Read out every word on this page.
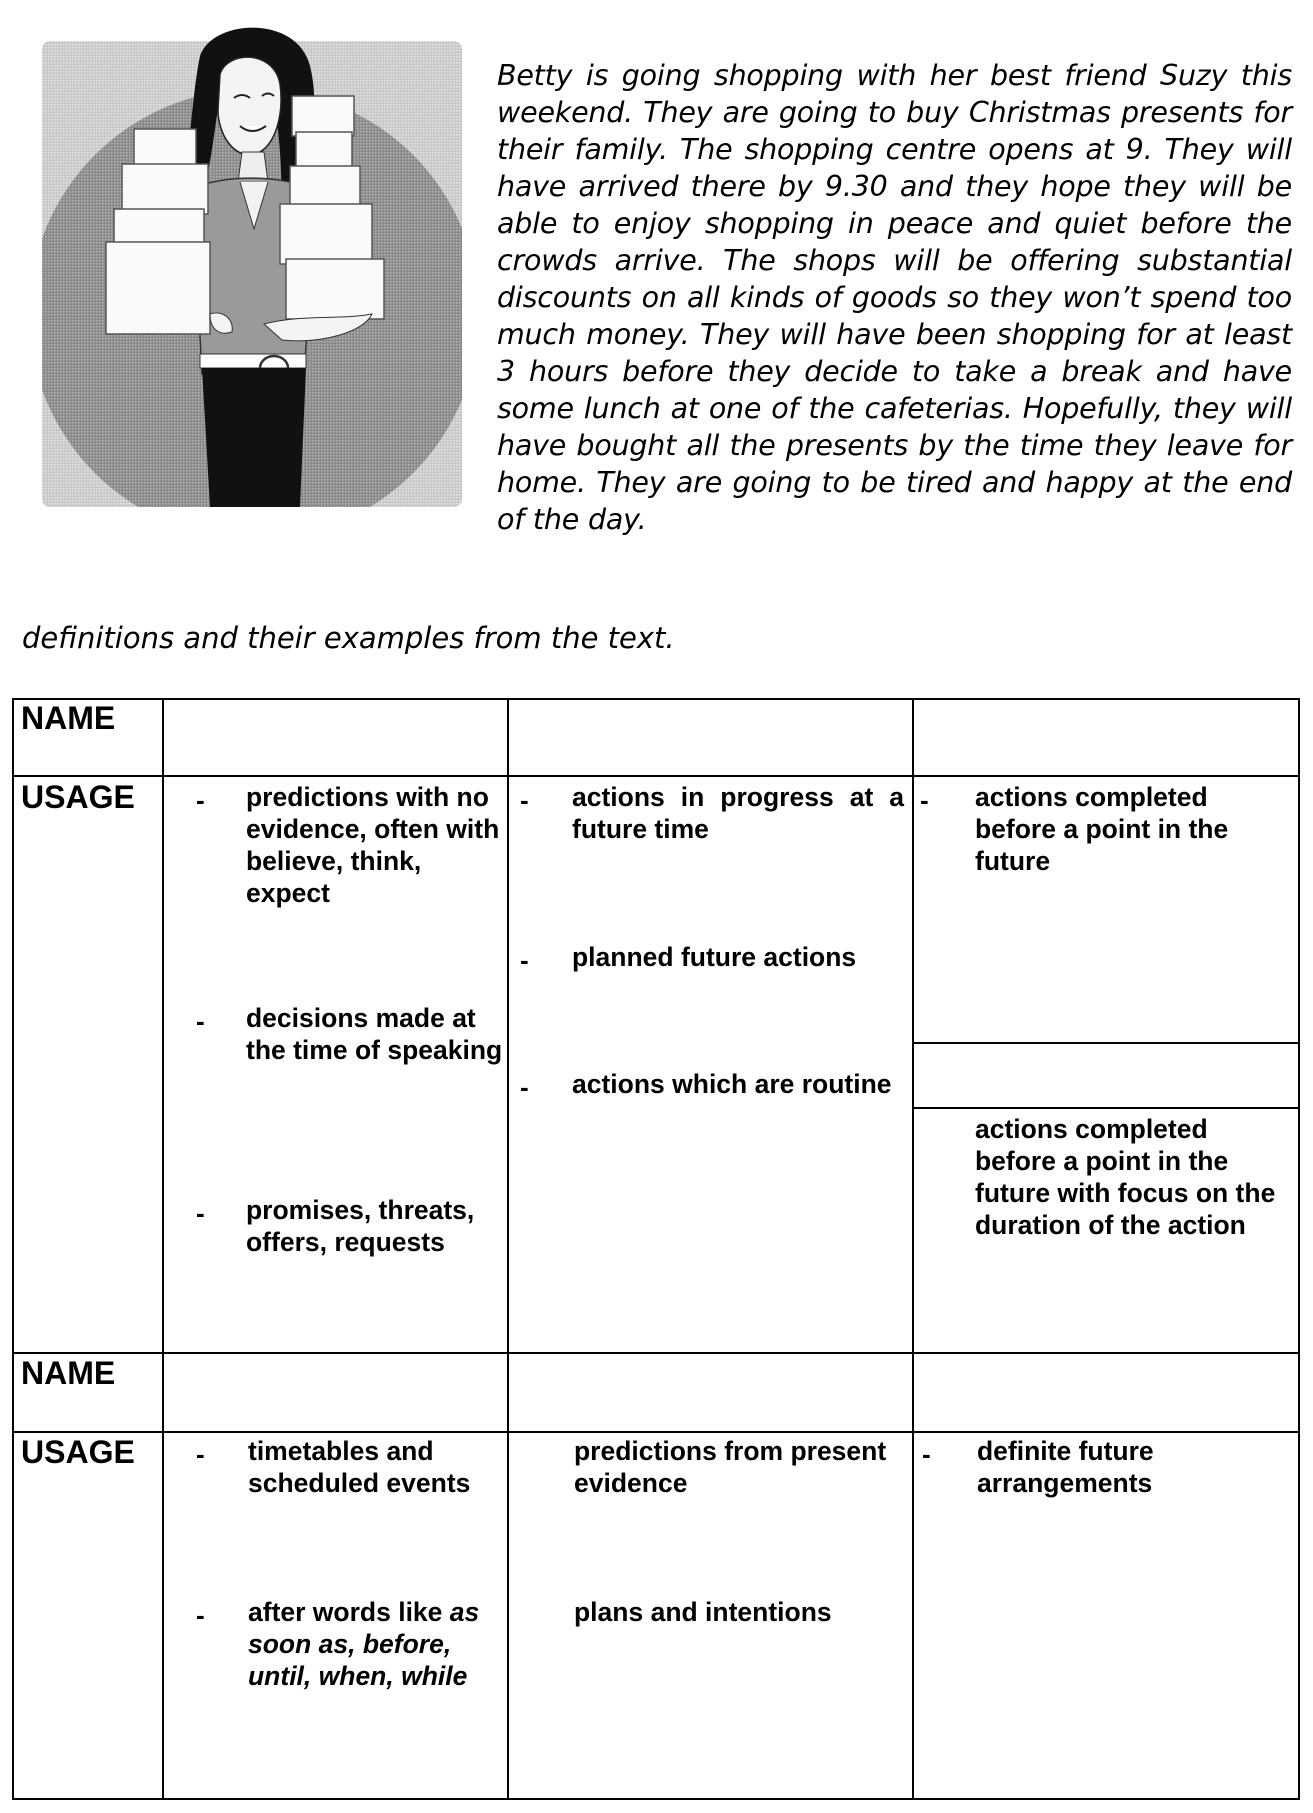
Betty is going shopping with her best friend Suzy this weekend. They are going to buy Christmas presents for their family. The shopping centre opens at 9. They will have arrived there by 9.30 and they hope they will be able to enjoy shopping in peace and quiet before the crowds arrive. The shops will be offering substantial discounts on all kinds of goods so they won’t spend too much money. They will have been shopping for at least 3 hours before they decide to take a break and have some lunch at one of the cafeterias. Hopefully, they will have bought all the presents by the time they leave for home. They are going to be tired and happy at the end of the day.

definitions and their examples from the text.

NAME
USAGE
NAME
USAGE
- predictions with no evidence, often with believe, think, expect

- decisions made at the time of speaking

- promises, threats, offers, requests

- actions in progress at a future time

- planned future actions

- actions which are routine

- actions completed before a point in the future

actions completed before a point in the future with focus on the duration of the action

- timetables and scheduled events

- after words like as soon as, before, until, when, while

predictions from present evidence

plans and intentions

- definite future arrangements
